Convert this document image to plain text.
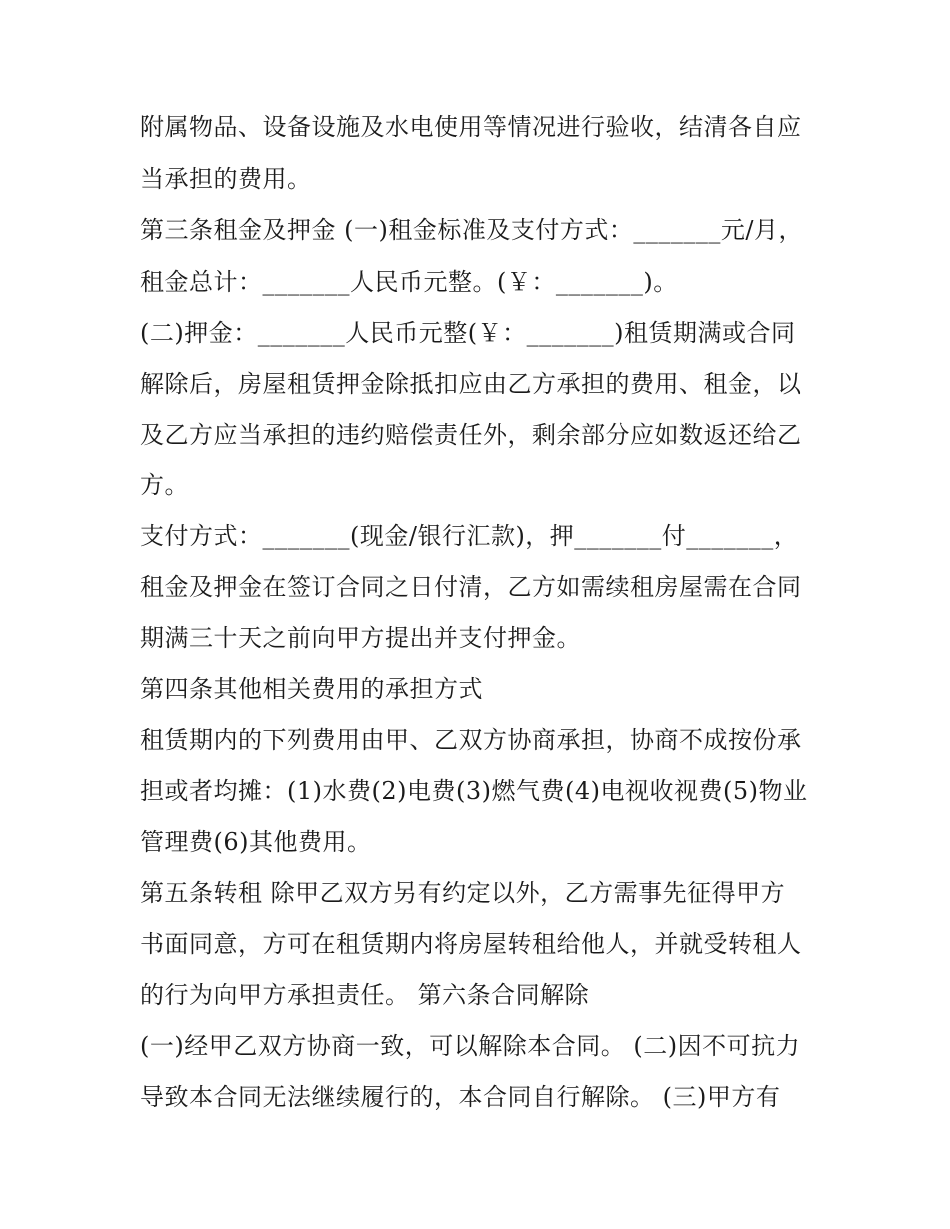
附属物品、设备设施及水电使用等情况进行验收，结清各自应
当承担的费用。
第三条租金及押金 (一)租金标准及支付方式：_______元/月，
租金总计：_______人民币元整。(￥：_______)。
(二)押金：_______人民币元整(￥：_______)租赁期满或合同
解除后，房屋租赁押金除抵扣应由乙方承担的费用、租金，以
及乙方应当承担的违约赔偿责任外，剩余部分应如数返还给乙
方。
支付方式：_______(现金/银行汇款)，押_______付_______，
租金及押金在签订合同之日付清，乙方如需续租房屋需在合同
期满三十天之前向甲方提出并支付押金。
第四条其他相关费用的承担方式
租赁期内的下列费用由甲、乙双方协商承担，协商不成按份承
担或者均摊：(1)水费(2)电费(3)燃气费(4)电视收视费(5)物业
管理费(6)其他费用。
第五条转租 除甲乙双方另有约定以外，乙方需事先征得甲方
书面同意，方可在租赁期内将房屋转租给他人，并就受转租人
的行为向甲方承担责任。 第六条合同解除
(一)经甲乙双方协商一致，可以解除本合同。 (二)因不可抗力
导致本合同无法继续履行的，本合同自行解除。 (三)甲方有
